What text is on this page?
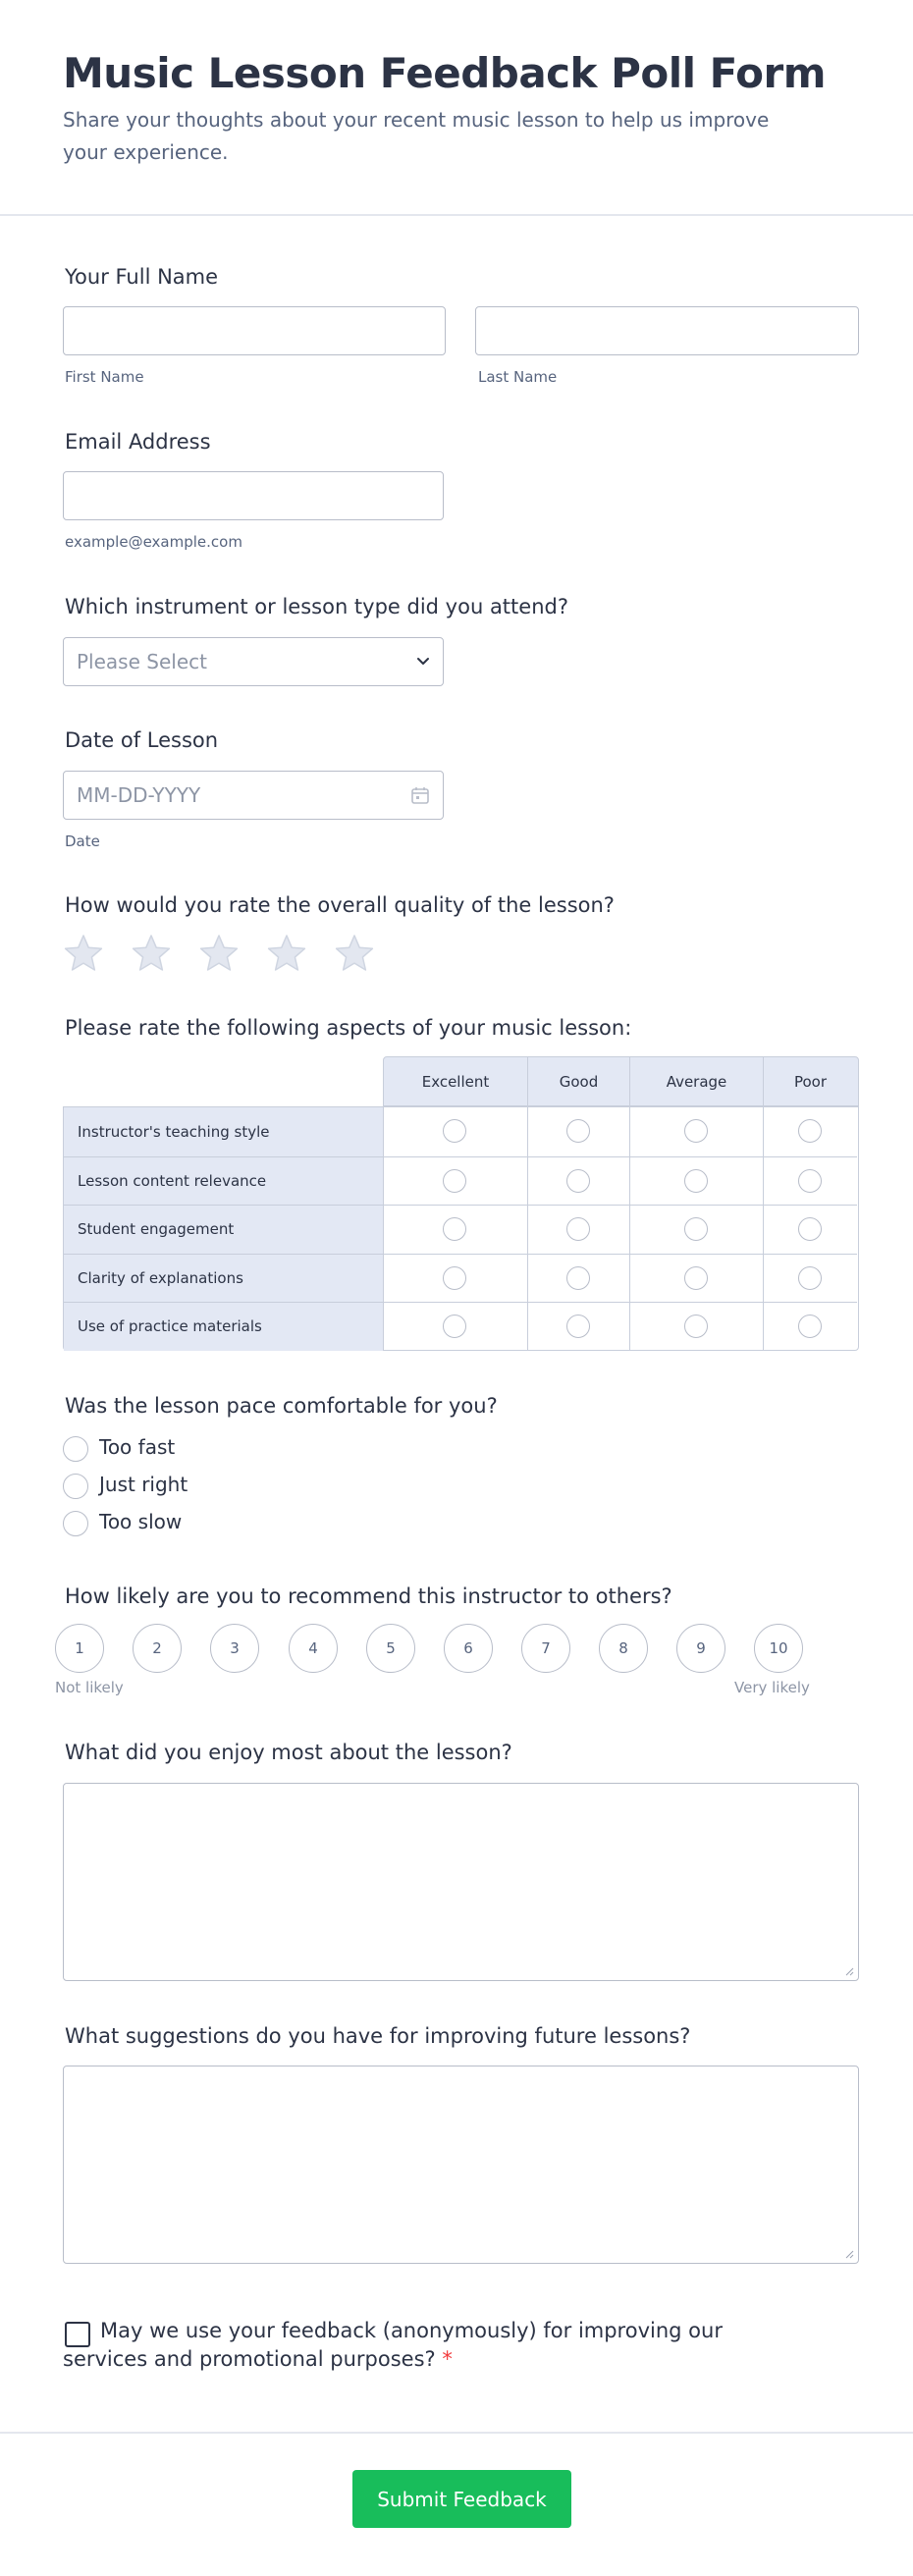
Music Lesson Feedback Poll Form

Share your thoughts about your recent music lesson to help us improve your experience.

Your Full Name
First Name	Last Name
Email Address
example@example.com
Which instrument or lesson type did you attend?
Please Select
Date of Lesson
MM-DD-YYYY
Date
How would you rate the overall quality of the lesson?
Please rate the following aspects of your music lesson:
Excellent	Good	Average	Poor
Instructor's teaching style
Lesson content relevance
Student engagement
Clarity of explanations
Use of practice materials
Was the lesson pace comfortable for you?
Too fast
Just right
Too slow
How likely are you to recommend this instructor to others?
1	2	3	4	5	6	7	8	9	10
Not likely	Very likely
What did you enjoy most about the lesson?
What suggestions do you have for improving future lessons?

May we use your feedback (anonymously) for improving our services and promotional purposes? *

Submit Feedback
